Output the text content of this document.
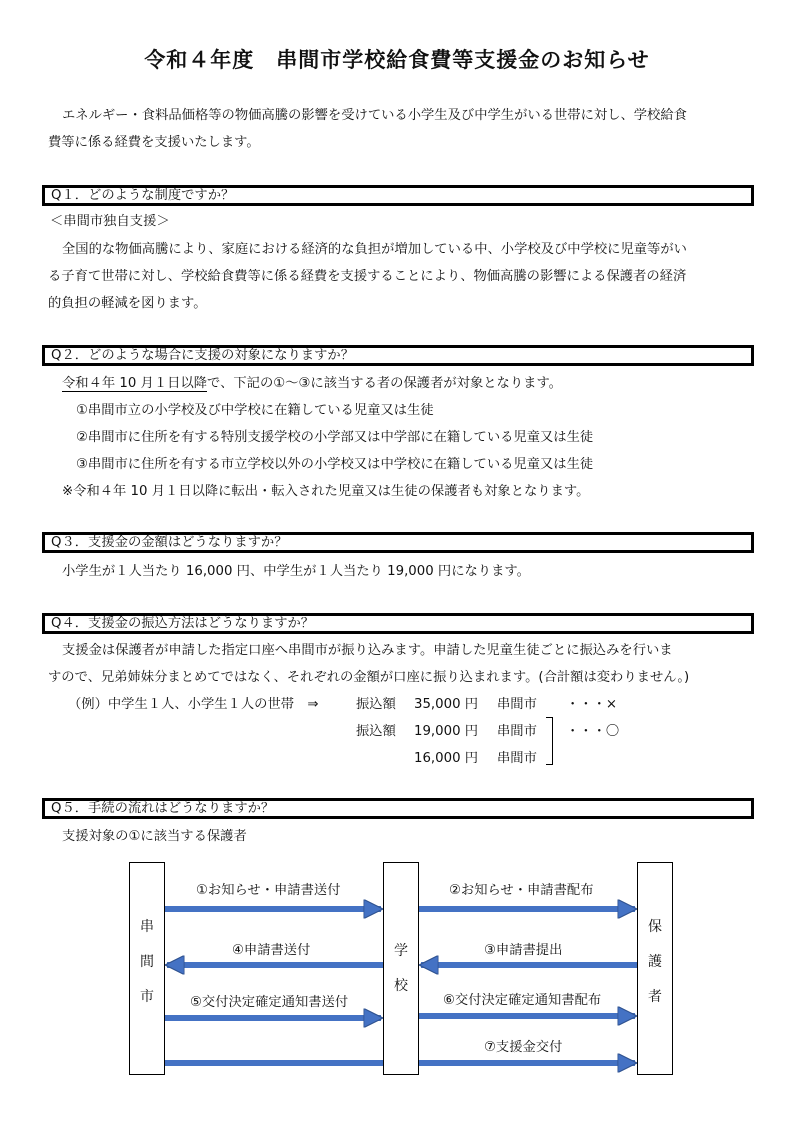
令和４年度　串間市学校給食費等支援金のお知らせ
エネルギー・食料品価格等の物価高騰の影響を受けている小学生及び中学生がいる世帯に対し、学校給食
費等に係る経費を支援いたします。
Q１．どのような制度ですか？
＜串間市独自支援＞
全国的な物価高騰により、家庭における経済的な負担が増加している中、小学校及び中学校に児童等がい
る子育て世帯に対し、学校給食費等に係る経費を支援することにより、物価高騰の影響による保護者の経済
的負担の軽減を図ります。
Q２．どのような場合に支援の対象になりますか？
令和４年 10 月１日以降で、下記の①～③に該当する者の保護者が対象となります。
①串間市立の小学校及び中学校に在籍している児童又は生徒
②串間市に住所を有する特別支援学校の小学部又は中学部に在籍している児童又は生徒
③串間市に住所を有する市立学校以外の小学校又は中学校に在籍している児童又は生徒
※令和４年 10 月１日以降に転出・転入された児童又は生徒の保護者も対象となります。
Q３．支援金の金額はどうなりますか？
小学生が１人当たり 16,000 円、中学生が１人当たり 19,000 円になります。
Q４．支援金の振込方法はどうなりますか？
支援金は保護者が申請した指定口座へ串間市が振り込みます。申請した児童生徒ごとに振込みを行いま
すので、兄弟姉妹分まとめてではなく、それぞれの金額が口座に振り込まれます。(合計額は変わりません。)
（例）中学生１人、小学生１人の世帯　⇒	振込額 35,000 円 串間市 ・・・×
振込額 19,000 円 串間市 ・・・〇
16,000 円 串間市
Q５．手続の流れはどうなりますか？
支援対象の①に該当する保護者
串
間
市
学
校
保
護
者
①お知らせ・申請書送付	②お知らせ・申請書配布
③申請書提出
④申請書送付
⑤交付決定確定通知書送付	⑥交付決定確定通知書配布
⑦支援金交付
